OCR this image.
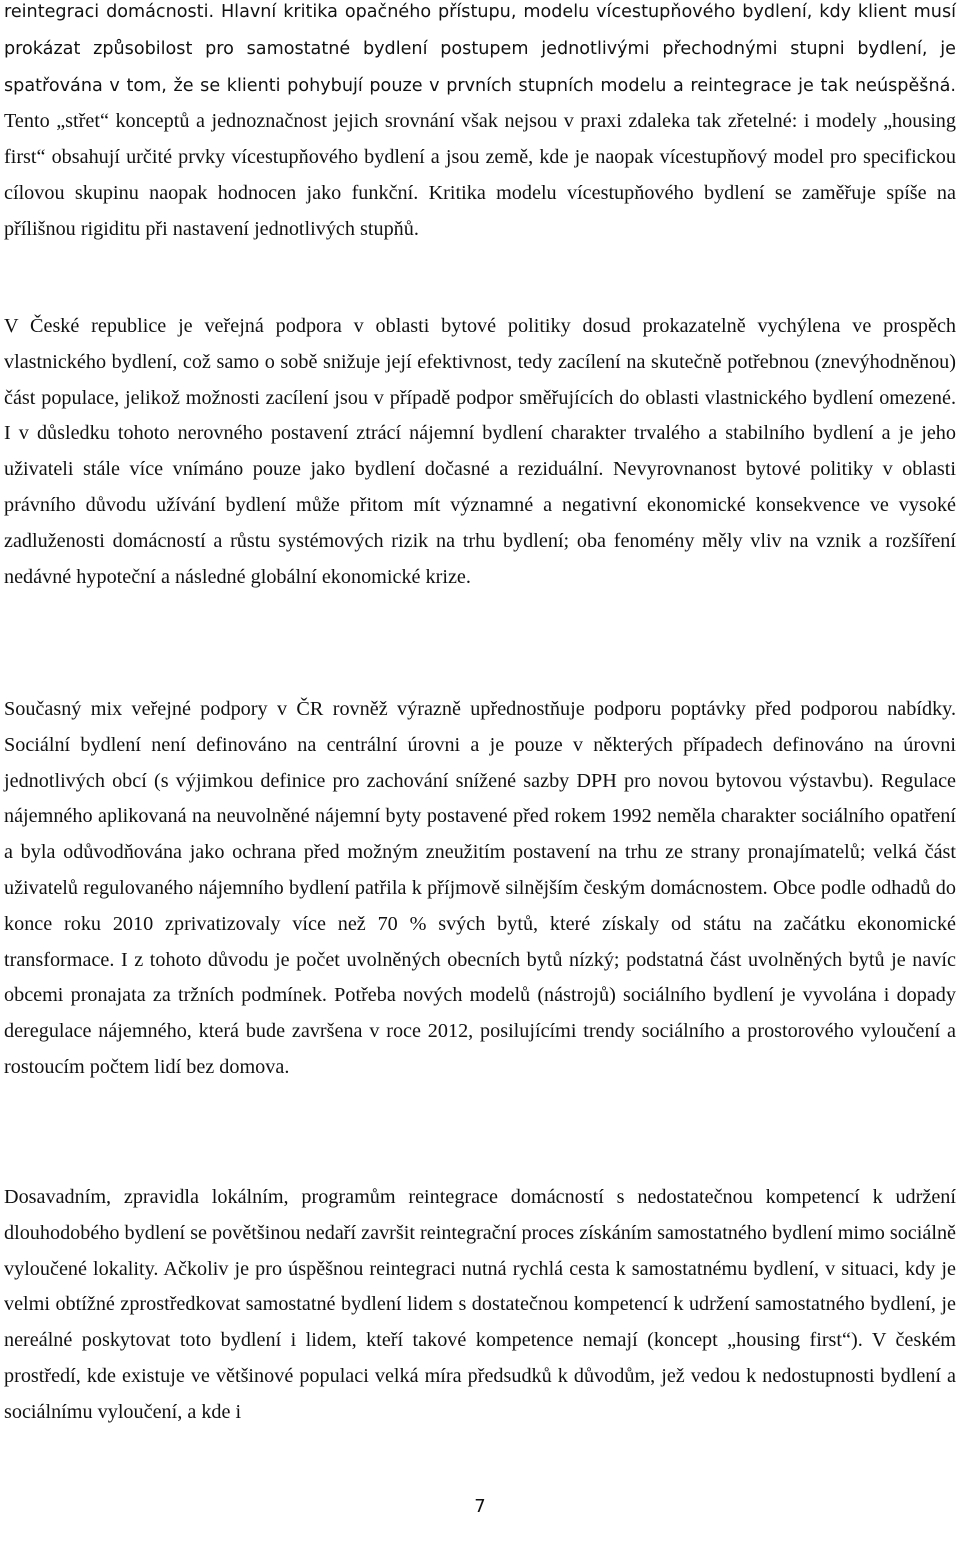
reintegraci domácnosti. Hlavní kritika opačného přístupu, modelu vícestupňového bydlení, kdy klient musí prokázat způsobilost pro samostatné bydlení postupem jednotlivými přechodnými stupni bydlení, je spatřována v tom, že se klienti pohybují pouze v prvních stupních modelu a reintegrace je tak neúspěšná. Tento „střet“ konceptů a jednoznačnost jejich srovnání však nejsou v praxi zdaleka tak zřetelné: i modely „housing first“ obsahují určité prvky vícestupňového bydlení a jsou země, kde je naopak vícestupňový model pro specifickou cílovou skupinu naopak hodnocen jako funkční. Kritika modelu vícestupňového bydlení se zaměřuje spíše na přílišnou rigiditu při nastavení jednotlivých stupňů.

V České republice je veřejná podpora v oblasti bytové politiky dosud prokazatelně vychýlena ve prospěch vlastnického bydlení, což samo o sobě snižuje její efektivnost, tedy zacílení na skutečně potřebnou (znevýhodněnou) část populace, jelikož možnosti zacílení jsou v případě podpor směřujících do oblasti vlastnického bydlení omezené. I v důsledku tohoto nerovného postavení ztrácí nájemní bydlení charakter trvalého a stabilního bydlení a je jeho uživateli stále více vnímáno pouze jako bydlení dočasné a reziduální. Nevyrovnanost bytové politiky v oblasti právního důvodu užívání bydlení může přitom mít významné a negativní ekonomické konsekvence ve vysoké zadluženosti domácností a růstu systémových rizik na trhu bydlení; oba fenomény měly vliv na vznik a rozšíření nedávné hypoteční a následné globální ekonomické krize.

Současný mix veřejné podpory v ČR rovněž výrazně upřednostňuje podporu poptávky před podporou nabídky. Sociální bydlení není definováno na centrální úrovni a je pouze v některých případech definováno na úrovni jednotlivých obcí (s výjimkou definice pro zachování snížené sazby DPH pro novou bytovou výstavbu). Regulace nájemného aplikovaná na neuvolněné nájemní byty postavené před rokem 1992 neměla charakter sociálního opatření a byla odůvodňována jako ochrana před možným zneužitím postavení na trhu ze strany pronajímatelů; velká část uživatelů regulovaného nájemního bydlení patřila k příjmově silnějším českým domácnostem. Obce podle odhadů do konce roku 2010 zprivatizovaly více než 70 % svých bytů, které získaly od státu na začátku ekonomické transformace. I z tohoto důvodu je počet uvolněných obecních bytů nízký; podstatná část uvolněných bytů je navíc obcemi pronajata za tržních podmínek. Potřeba nových modelů (nástrojů) sociálního bydlení je vyvolána i dopady deregulace nájemného, která bude završena v roce 2012, posilujícími trendy sociálního a prostorového vyloučení a rostoucím počtem lidí bez domova.

Dosavadním, zpravidla lokálním, programům reintegrace domácností s nedostatečnou kompetencí k udržení dlouhodobého bydlení se povětšinou nedaří završit reintegrační proces získáním samostatného bydlení mimo sociálně vyloučené lokality. Ačkoliv je pro úspěšnou reintegraci nutná rychlá cesta k samostatnému bydlení, v situaci, kdy je velmi obtížné zprostředkovat samostatné bydlení lidem s dostatečnou kompetencí k udržení samostatného bydlení, je nereálné poskytovat toto bydlení i lidem, kteří takové kompetence nemají (koncept „housing first“). V českém prostředí, kde existuje ve většinové populaci velká míra předsudků k důvodům, jež vedou k nedostupnosti bydlení a sociálnímu vyloučení, a kde i

7
